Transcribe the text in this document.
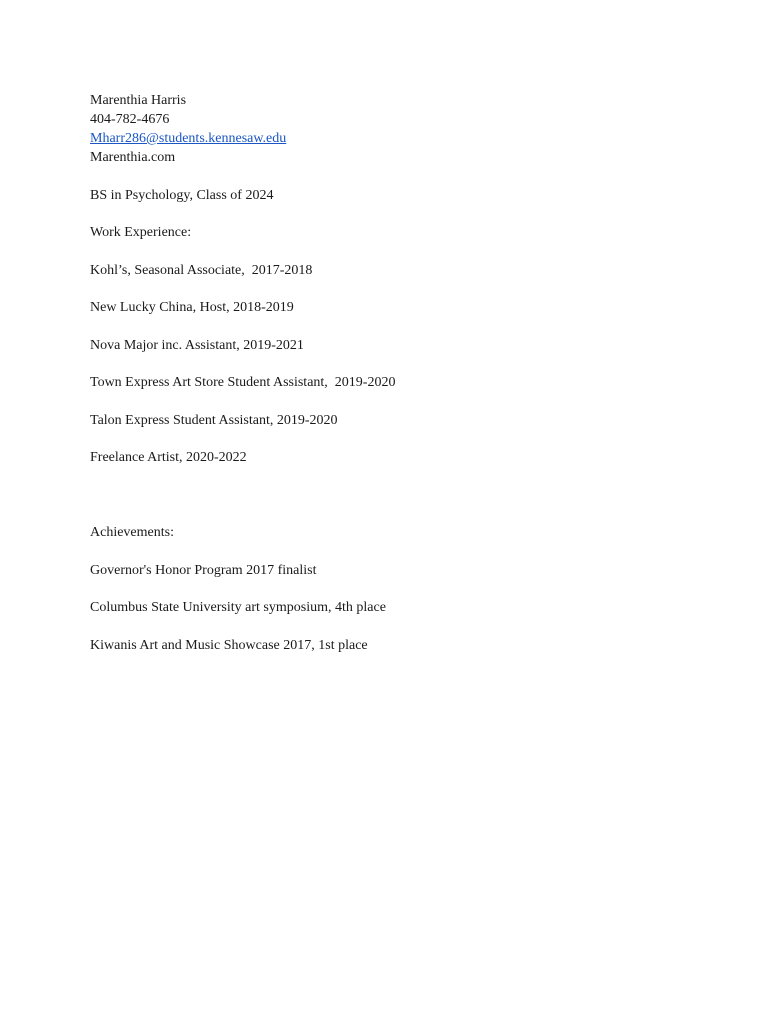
Marenthia Harris

404-782-4676

Mharr286@students.kennesaw.edu

Marenthia.com

BS in Psychology, Class of 2024

Work Experience:

Kohl’s, Seasonal Associate,  2017-2018

New Lucky China, Host, 2018-2019

Nova Major inc. Assistant, 2019-2021

Town Express Art Store Student Assistant,  2019-2020

Talon Express Student Assistant, 2019-2020

Freelance Artist, 2020-2022

Achievements:

Governor's Honor Program 2017 finalist

Columbus State University art symposium, 4th place

Kiwanis Art and Music Showcase 2017, 1st place
